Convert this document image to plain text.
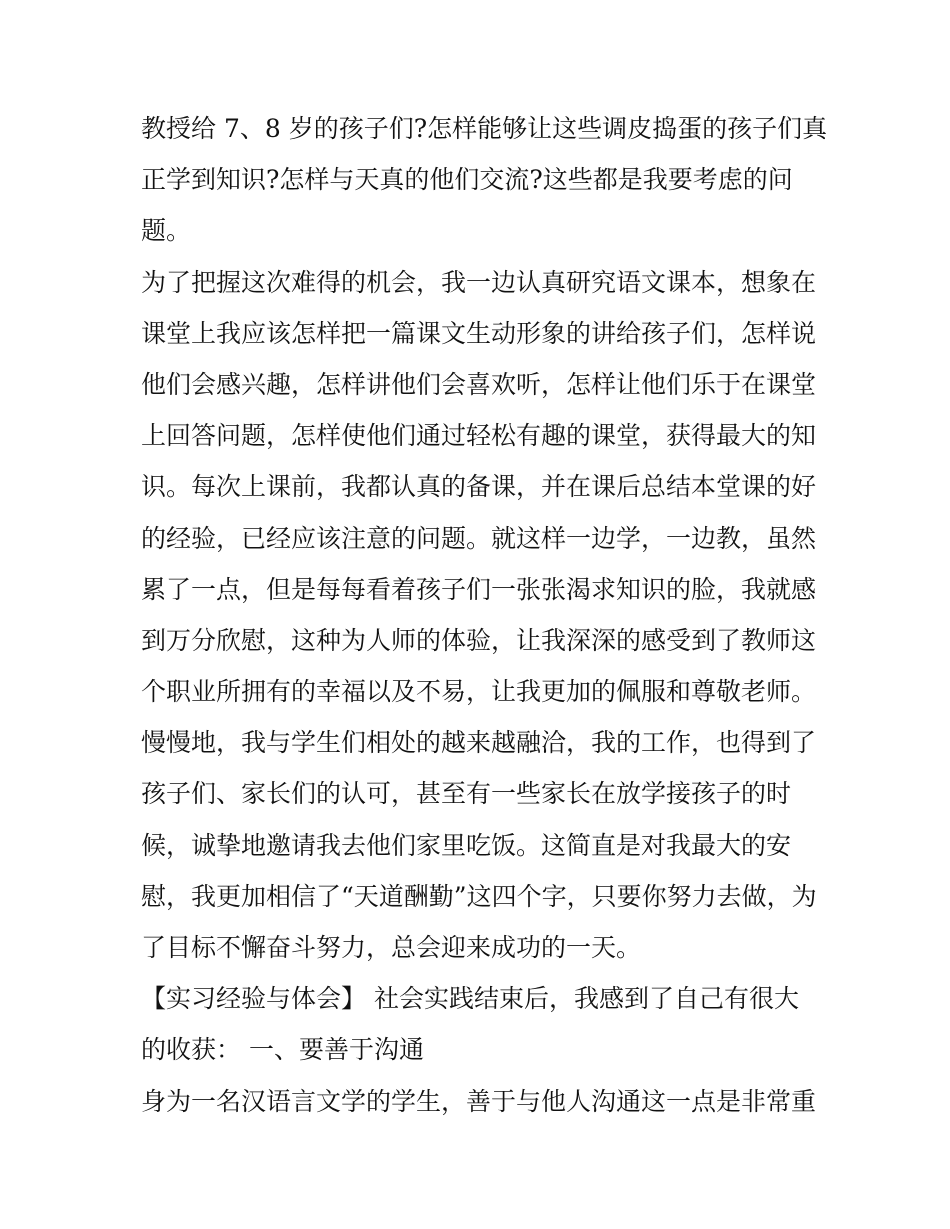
教授给 7、8 岁的孩子们?怎样能够让这些调皮捣蛋的孩子们真
正学到知识?怎样与天真的他们交流?这些都是我要考虑的问
题。
为了把握这次难得的机会，我一边认真研究语文课本，想象在
课堂上我应该怎样把一篇课文生动形象的讲给孩子们，怎样说
他们会感兴趣，怎样讲他们会喜欢听，怎样让他们乐于在课堂
上回答问题，怎样使他们通过轻松有趣的课堂，获得最大的知
识。每次上课前，我都认真的备课，并在课后总结本堂课的好
的经验，已经应该注意的问题。就这样一边学，一边教，虽然
累了一点，但是每每看着孩子们一张张渴求知识的脸，我就感
到万分欣慰，这种为人师的体验，让我深深的感受到了教师这
个职业所拥有的幸福以及不易，让我更加的佩服和尊敬老师。
慢慢地，我与学生们相处的越来越融洽，我的工作，也得到了
孩子们、家长们的认可，甚至有一些家长在放学接孩子的时
候，诚挚地邀请我去他们家里吃饭。这简直是对我最大的安
慰，我更加相信了“天道酬勤”这四个字，只要你努力去做，为
了目标不懈奋斗努力，总会迎来成功的一天。
【实习经验与体会】 社会实践结束后，我感到了自己有很大
的收获： 一、要善于沟通
身为一名汉语言文学的学生，善于与他人沟通这一点是非常重
